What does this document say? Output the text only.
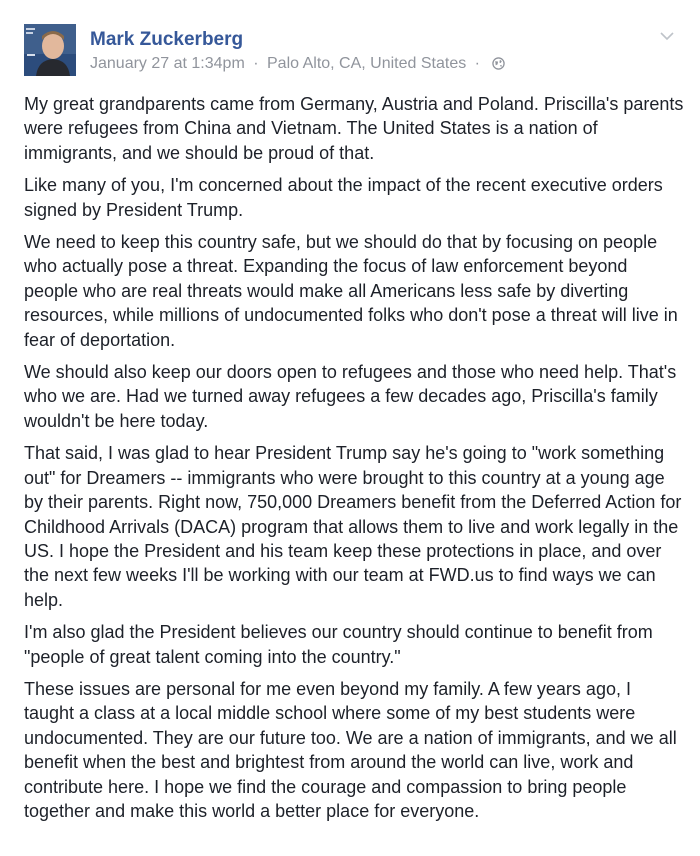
Mark Zuckerberg
January 27 at 1:34pm · Palo Alto, CA, United States ·

My great grandparents came from Germany, Austria and Poland. Priscilla's parents were refugees from China and Vietnam. The United States is a nation of immigrants, and we should be proud of that.

Like many of you, I'm concerned about the impact of the recent executive orders signed by President Trump.

We need to keep this country safe, but we should do that by focusing on people who actually pose a threat. Expanding the focus of law enforcement beyond people who are real threats would make all Americans less safe by diverting resources, while millions of undocumented folks who don't pose a threat will live in fear of deportation.

We should also keep our doors open to refugees and those who need help. That's who we are. Had we turned away refugees a few decades ago, Priscilla's family wouldn't be here today.

That said, I was glad to hear President Trump say he's going to "work something out" for Dreamers -- immigrants who were brought to this country at a young age by their parents. Right now, 750,000 Dreamers benefit from the Deferred Action for Childhood Arrivals (DACA) program that allows them to live and work legally in the US. I hope the President and his team keep these protections in place, and over the next few weeks I'll be working with our team at FWD.us to find ways we can help.

I'm also glad the President believes our country should continue to benefit from "people of great talent coming into the country."

These issues are personal for me even beyond my family. A few years ago, I taught a class at a local middle school where some of my best students were undocumented. They are our future too. We are a nation of immigrants, and we all benefit when the best and brightest from around the world can live, work and contribute here. I hope we find the courage and compassion to bring people together and make this world a better place for everyone.
